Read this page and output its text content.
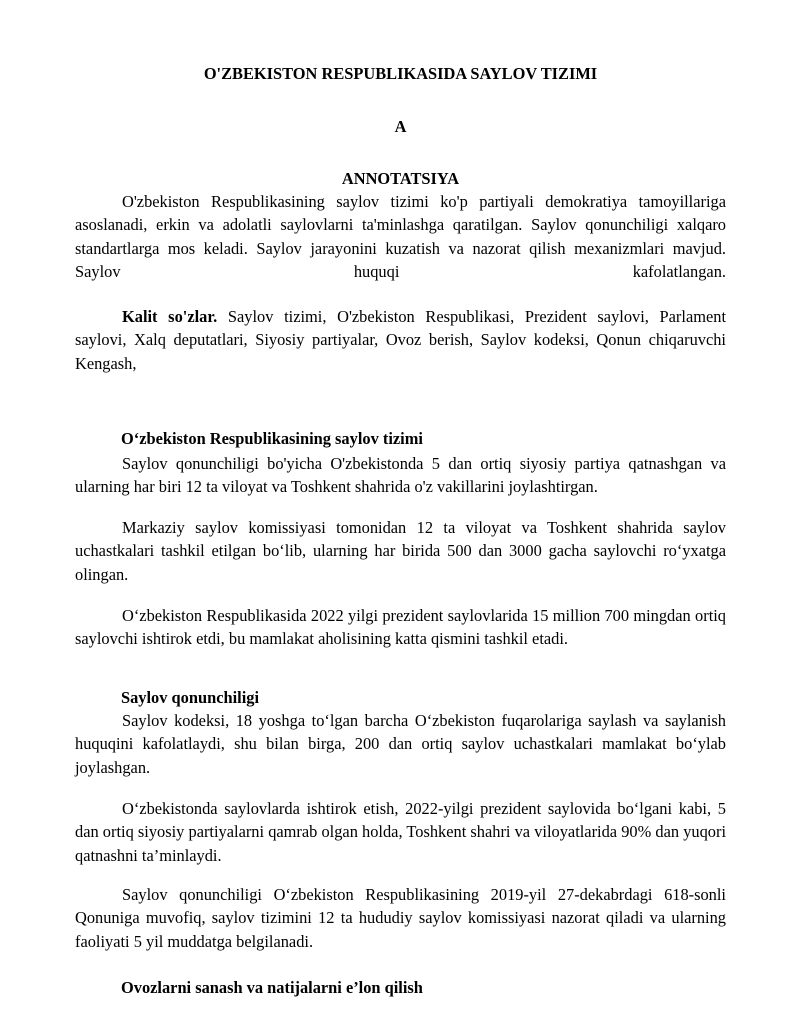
O'ZBEKISTON RESPUBLIKASIDA SAYLOV TIZIMI
A
ANNOTATSIYA

O'zbekiston Respublikasining saylov tizimi ko'p partiyali demokratiya tamoyillariga asoslanadi, erkin va adolatli saylovlarni ta'minlashga qaratilgan. Saylov qonunchiligi xalqaro standartlarga mos keladi. Saylov jarayonini kuzatish va nazorat qilish mexanizmlari mavjud. Saylov huquqi kafolatlangan.

Kalit so'zlar. Saylov tizimi, O'zbekiston Respublikasi, Prezident saylovi, Parlament saylovi, Xalq deputatlari, Siyosiy partiyalar, Ovoz berish, Saylov kodeksi, Qonun chiqaruvchi Kengash,

O‘zbekiston Respublikasining saylov tizimi

Saylov qonunchiligi bo'yicha O'zbekistonda 5 dan ortiq siyosiy partiya qatnashgan va ularning har biri 12 ta viloyat va Toshkent shahrida o'z vakillarini joylashtirgan.

Markaziy saylov komissiyasi tomonidan 12 ta viloyat va Toshkent shahrida saylov uchastkalari tashkil etilgan bo‘lib, ularning har birida 500 dan 3000 gacha saylovchi ro‘yxatga olingan.

O‘zbekiston Respublikasida 2022 yilgi prezident saylovlarida 15 million 700 mingdan ortiq saylovchi ishtirok etdi, bu mamlakat aholisining katta qismini tashkil etadi.

Saylov qonunchiligi

Saylov kodeksi, 18 yoshga to‘lgan barcha O‘zbekiston fuqarolariga saylash va saylanish huquqini kafolatlaydi, shu bilan birga, 200 dan ortiq saylov uchastkalari mamlakat bo‘ylab joylashgan.

O‘zbekistonda saylovlarda ishtirok etish, 2022-yilgi prezident saylovida bo‘lgani kabi, 5 dan ortiq siyosiy partiyalarni qamrab olgan holda, Toshkent shahri va viloyatlarida 90% dan yuqori qatnashni ta’minlaydi.

Saylov qonunchiligi O‘zbekiston Respublikasining 2019-yil 27-dekabrdagi 618-sonli Qonuniga muvofiq, saylov tizimini 12 ta hududiy saylov komissiyasi nazorat qiladi va ularning faoliyati 5 yil muddatga belgilanadi.

Ovozlarni sanash va natijalarni e’lon qilish
